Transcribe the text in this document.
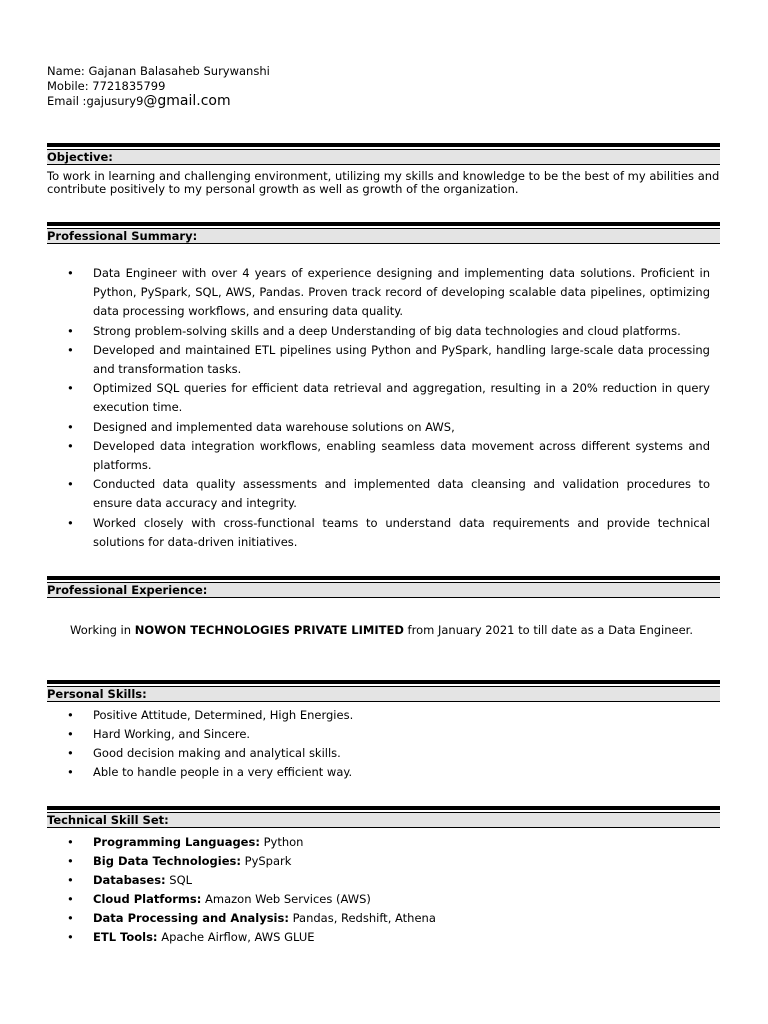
Name: Gajanan Balasaheb Surywanshi
Mobile: 7721835799
Email :gajusury9@gmail.com
Objective:
To work in learning and challenging environment, utilizing my skills and knowledge to be the best of my abilities and contribute positively to my personal growth as well as growth of the organization.
Professional Summary:
• Data Engineer with over 4 years of experience designing and implementing data solutions. Proficient in Python, PySpark, SQL, AWS, Pandas. Proven track record of developing scalable data pipelines, optimizing data processing workflows, and ensuring data quality.
• Strong problem-solving skills and a deep Understanding of big data technologies and cloud platforms.
• Developed and maintained ETL pipelines using Python and PySpark, handling large-scale data processing and transformation tasks.
• Optimized SQL queries for efficient data retrieval and aggregation, resulting in a 20% reduction in query execution time.
• Designed and implemented data warehouse solutions on AWS,
• Developed data integration workflows, enabling seamless data movement across different systems and platforms.
• Conducted data quality assessments and implemented data cleansing and validation procedures to ensure data accuracy and integrity.
• Worked closely with cross-functional teams to understand data requirements and provide technical solutions for data-driven initiatives.
Professional Experience:
Working in NOWON TECHNOLOGIES PRIVATE LIMITED from January 2021 to till date as a Data Engineer.
Personal Skills:
• Positive Attitude, Determined, High Energies.
• Hard Working, and Sincere.
• Good decision making and analytical skills.
• Able to handle people in a very efficient way.
Technical Skill Set:
• Programming Languages: Python
• Big Data Technologies: PySpark
• Databases: SQL
• Cloud Platforms: Amazon Web Services (AWS)
• Data Processing and Analysis: Pandas, Redshift, Athena
• ETL Tools: Apache Airflow, AWS GLUE
